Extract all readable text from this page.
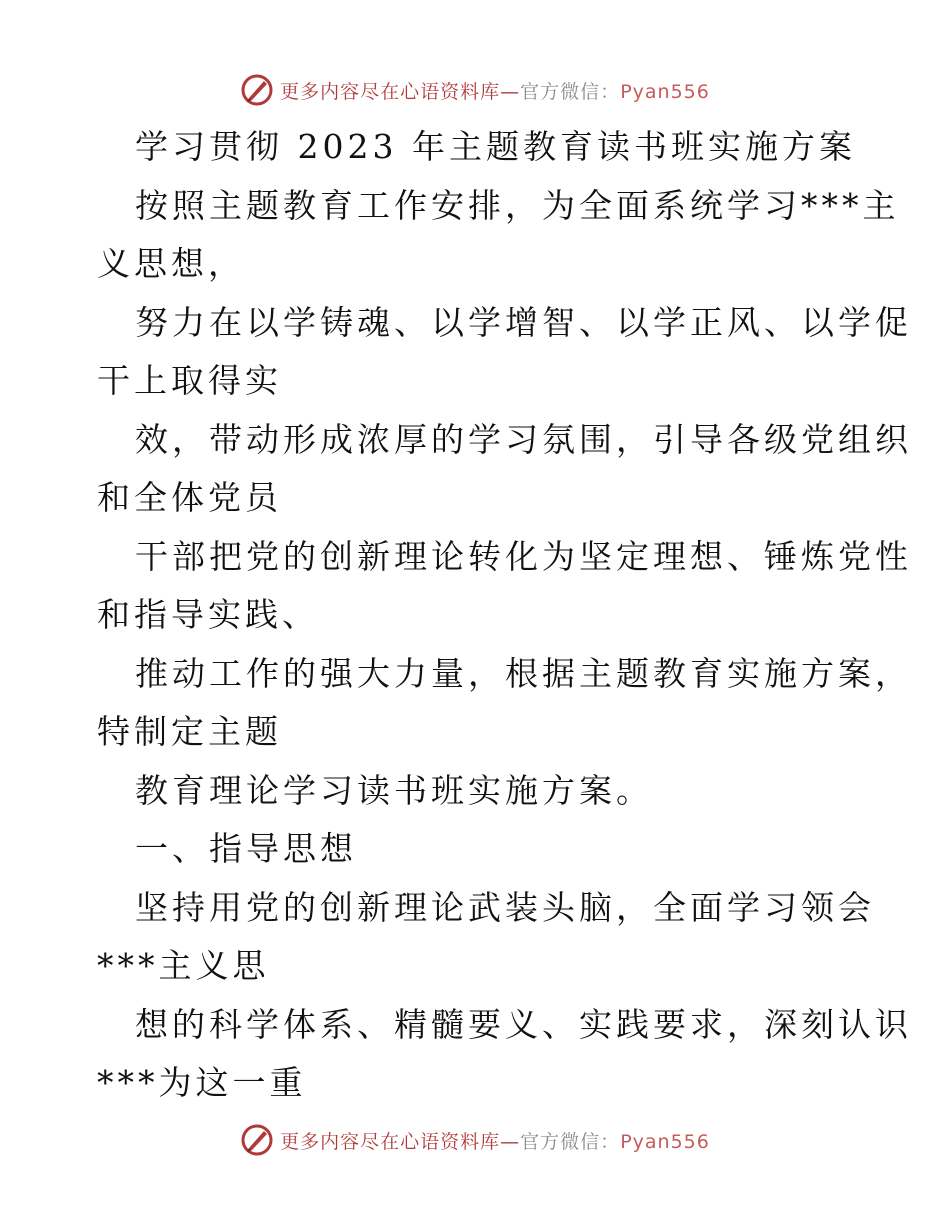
更多内容尽在心语资料库—官方微信：Pyan556
学习贯彻 2023 年主题教育读书班实施方案
按照主题教育工作安排，为全面系统学习***主
义思想，
努力在以学铸魂、以学增智、以学正风、以学促
干上取得实
效，带动形成浓厚的学习氛围，引导各级党组织
和全体党员
干部把党的创新理论转化为坚定理想、锤炼党性
和指导实践、
推动工作的强大力量，根据主题教育实施方案，
特制定主题
教育理论学习读书班实施方案。
一、指导思想
坚持用党的创新理论武装头脑，全面学习领会
***主义思
想的科学体系、精髓要义、实践要求，深刻认识
***为这一重
更多内容尽在心语资料库—官方微信：Pyan556
